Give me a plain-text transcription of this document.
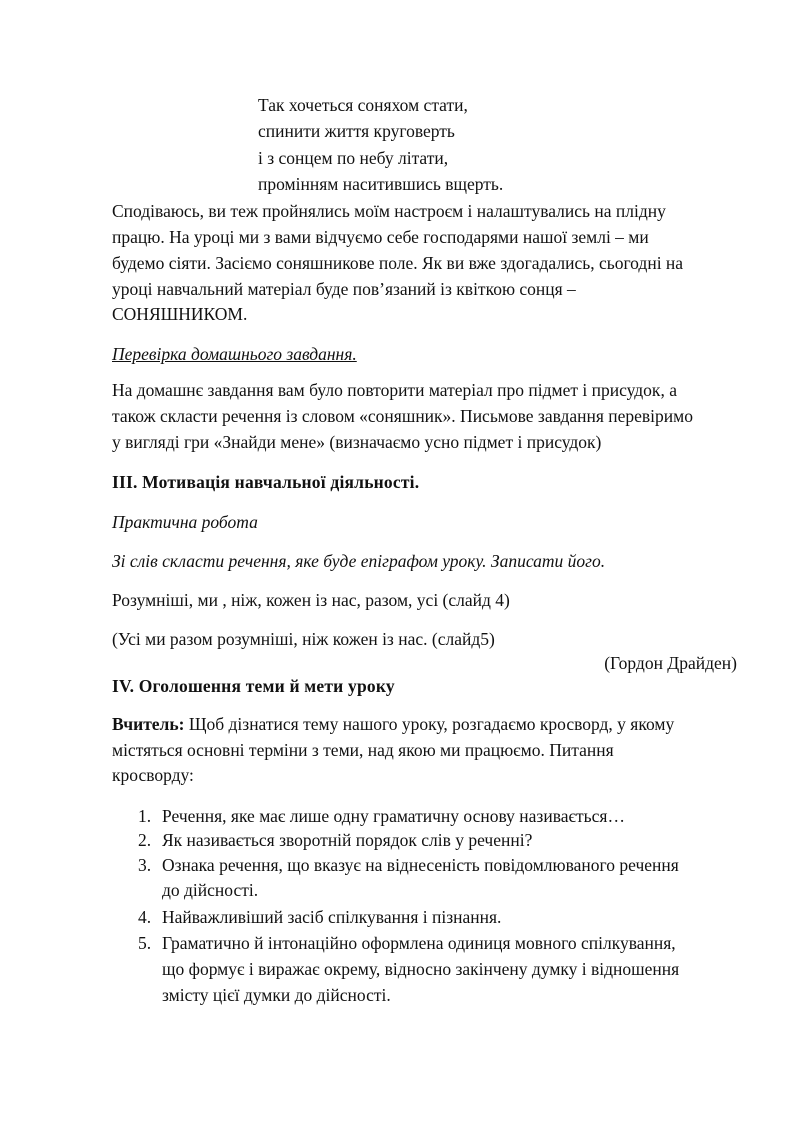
Так хочеться соняхом стати,
спинити життя круговерть
і з сонцем по небу літати,
промінням наситившись вщерть.
Сподіваюсь, ви теж пройнялись моїм настроєм і налаштувались на плідну
працю. На уроці ми з вами відчуємо себе господарями нашої землі – ми
будемо сіяти. Засіємо соняшникове поле. Як ви вже здогадались, сьогодні на
уроці навчальний матеріал буде пов’язаний із квіткою сонця –
СОНЯШНИКОМ.
Перевірка домашнього завдання.
На домашнє завдання вам було повторити матеріал про підмет і присудок, а
також скласти речення із словом «соняшник». Письмове завдання перевіримо
у вигляді гри «Знайди мене» (визначаємо усно підмет і присудок)
ІІІ. Мотивація навчальної діяльності.
Практична робота
Зі слів скласти речення, яке буде епіграфом уроку. Записати його.
Розумніші, ми , ніж, кожен із нас, разом, усі (слайд 4)
(Усі ми разом розумніші, ніж кожен із нас. (слайд5)
(Гордон Драйден)
IV. Оголошення теми й мети уроку
Вчитель: Щоб дізнатися тему нашого уроку, розгадаємо кросворд, у якому
містяться основні терміни з теми, над якою ми працюємо. Питання
кросворду:
1. Речення, яке має лише одну граматичну основу називається…
2. Як називається зворотній порядок слів у реченні?
3. Ознака речення, що вказує на віднесеність повідомлюваного речення
до дійсності.
4. Найважливіший засіб спілкування і пізнання.
5. Граматично й інтонаційно оформлена одиниця мовного спілкування,
що формує і виражає окрему, відносно закінчену думку і відношення
змісту цієї думки до дійсності.
